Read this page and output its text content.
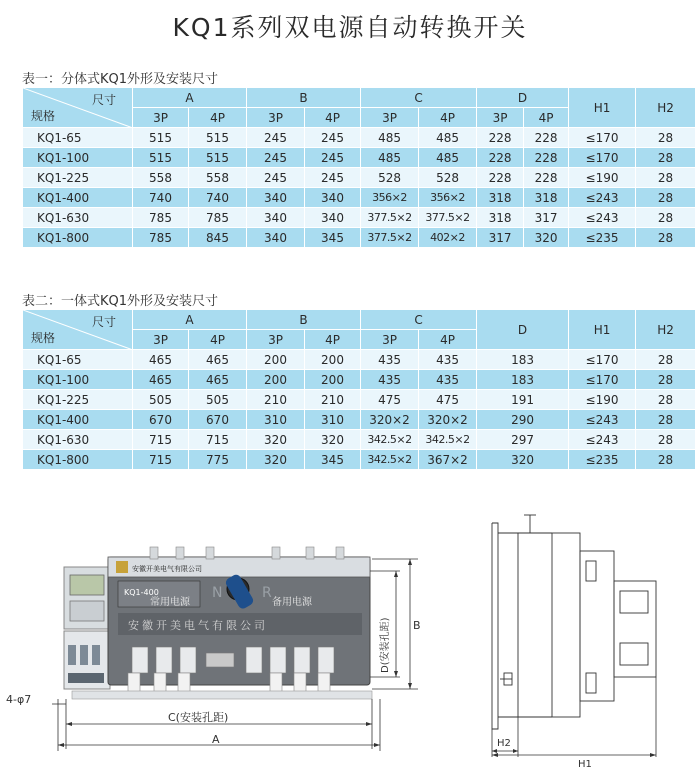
KQ1系列双电源自动转换开关
表一：分体式KQ1外形及安装尺寸
尺寸
规格	A		B		C		D		H1	H2
	3P	4P	3P	4P	3P	4P	3P	4P		
KQ1-65	515	515	245	245	485	485	228	228	≤170	28
KQ1-100	515	515	245	245	485	485	228	228	≤170	28
KQ1-225	558	558	245	245	528	528	228	228	≤190	28
KQ1-400	740	740	340	340	356×2	356×2	318	318	≤243	28
KQ1-630	785	785	340	340	377.5×2	377.5×2	318	317	≤243	28
KQ1-800	785	845	340	345	377.5×2	402×2	317	320	≤235	28
表二：一体式KQ1外形及安装尺寸
尺寸
规格	A		B		C		D	H1	H2
	3P	4P	3P	4P	3P	4P			
KQ1-65	465	465	200	200	435	435	183	≤170	28
KQ1-100	465	465	200	200	435	435	183	≤170	28
KQ1-225	505	505	210	210	475	475	191	≤190	28
KQ1-400	670	670	310	310	320×2	320×2	290	≤243	28
KQ1-630	715	715	320	320	342.5×2	342.5×2	297	≤243	28
KQ1-800	715	775	320	345	342.5×2	367×2	320	≤235	28
安徽开美电气有限公司
KQ1-400
常用电源
N	R
备用电源
安徽开美电气有限公司
4-φ7
C(安装孔距)
A
B
D(安装孔距)
H2
H1
